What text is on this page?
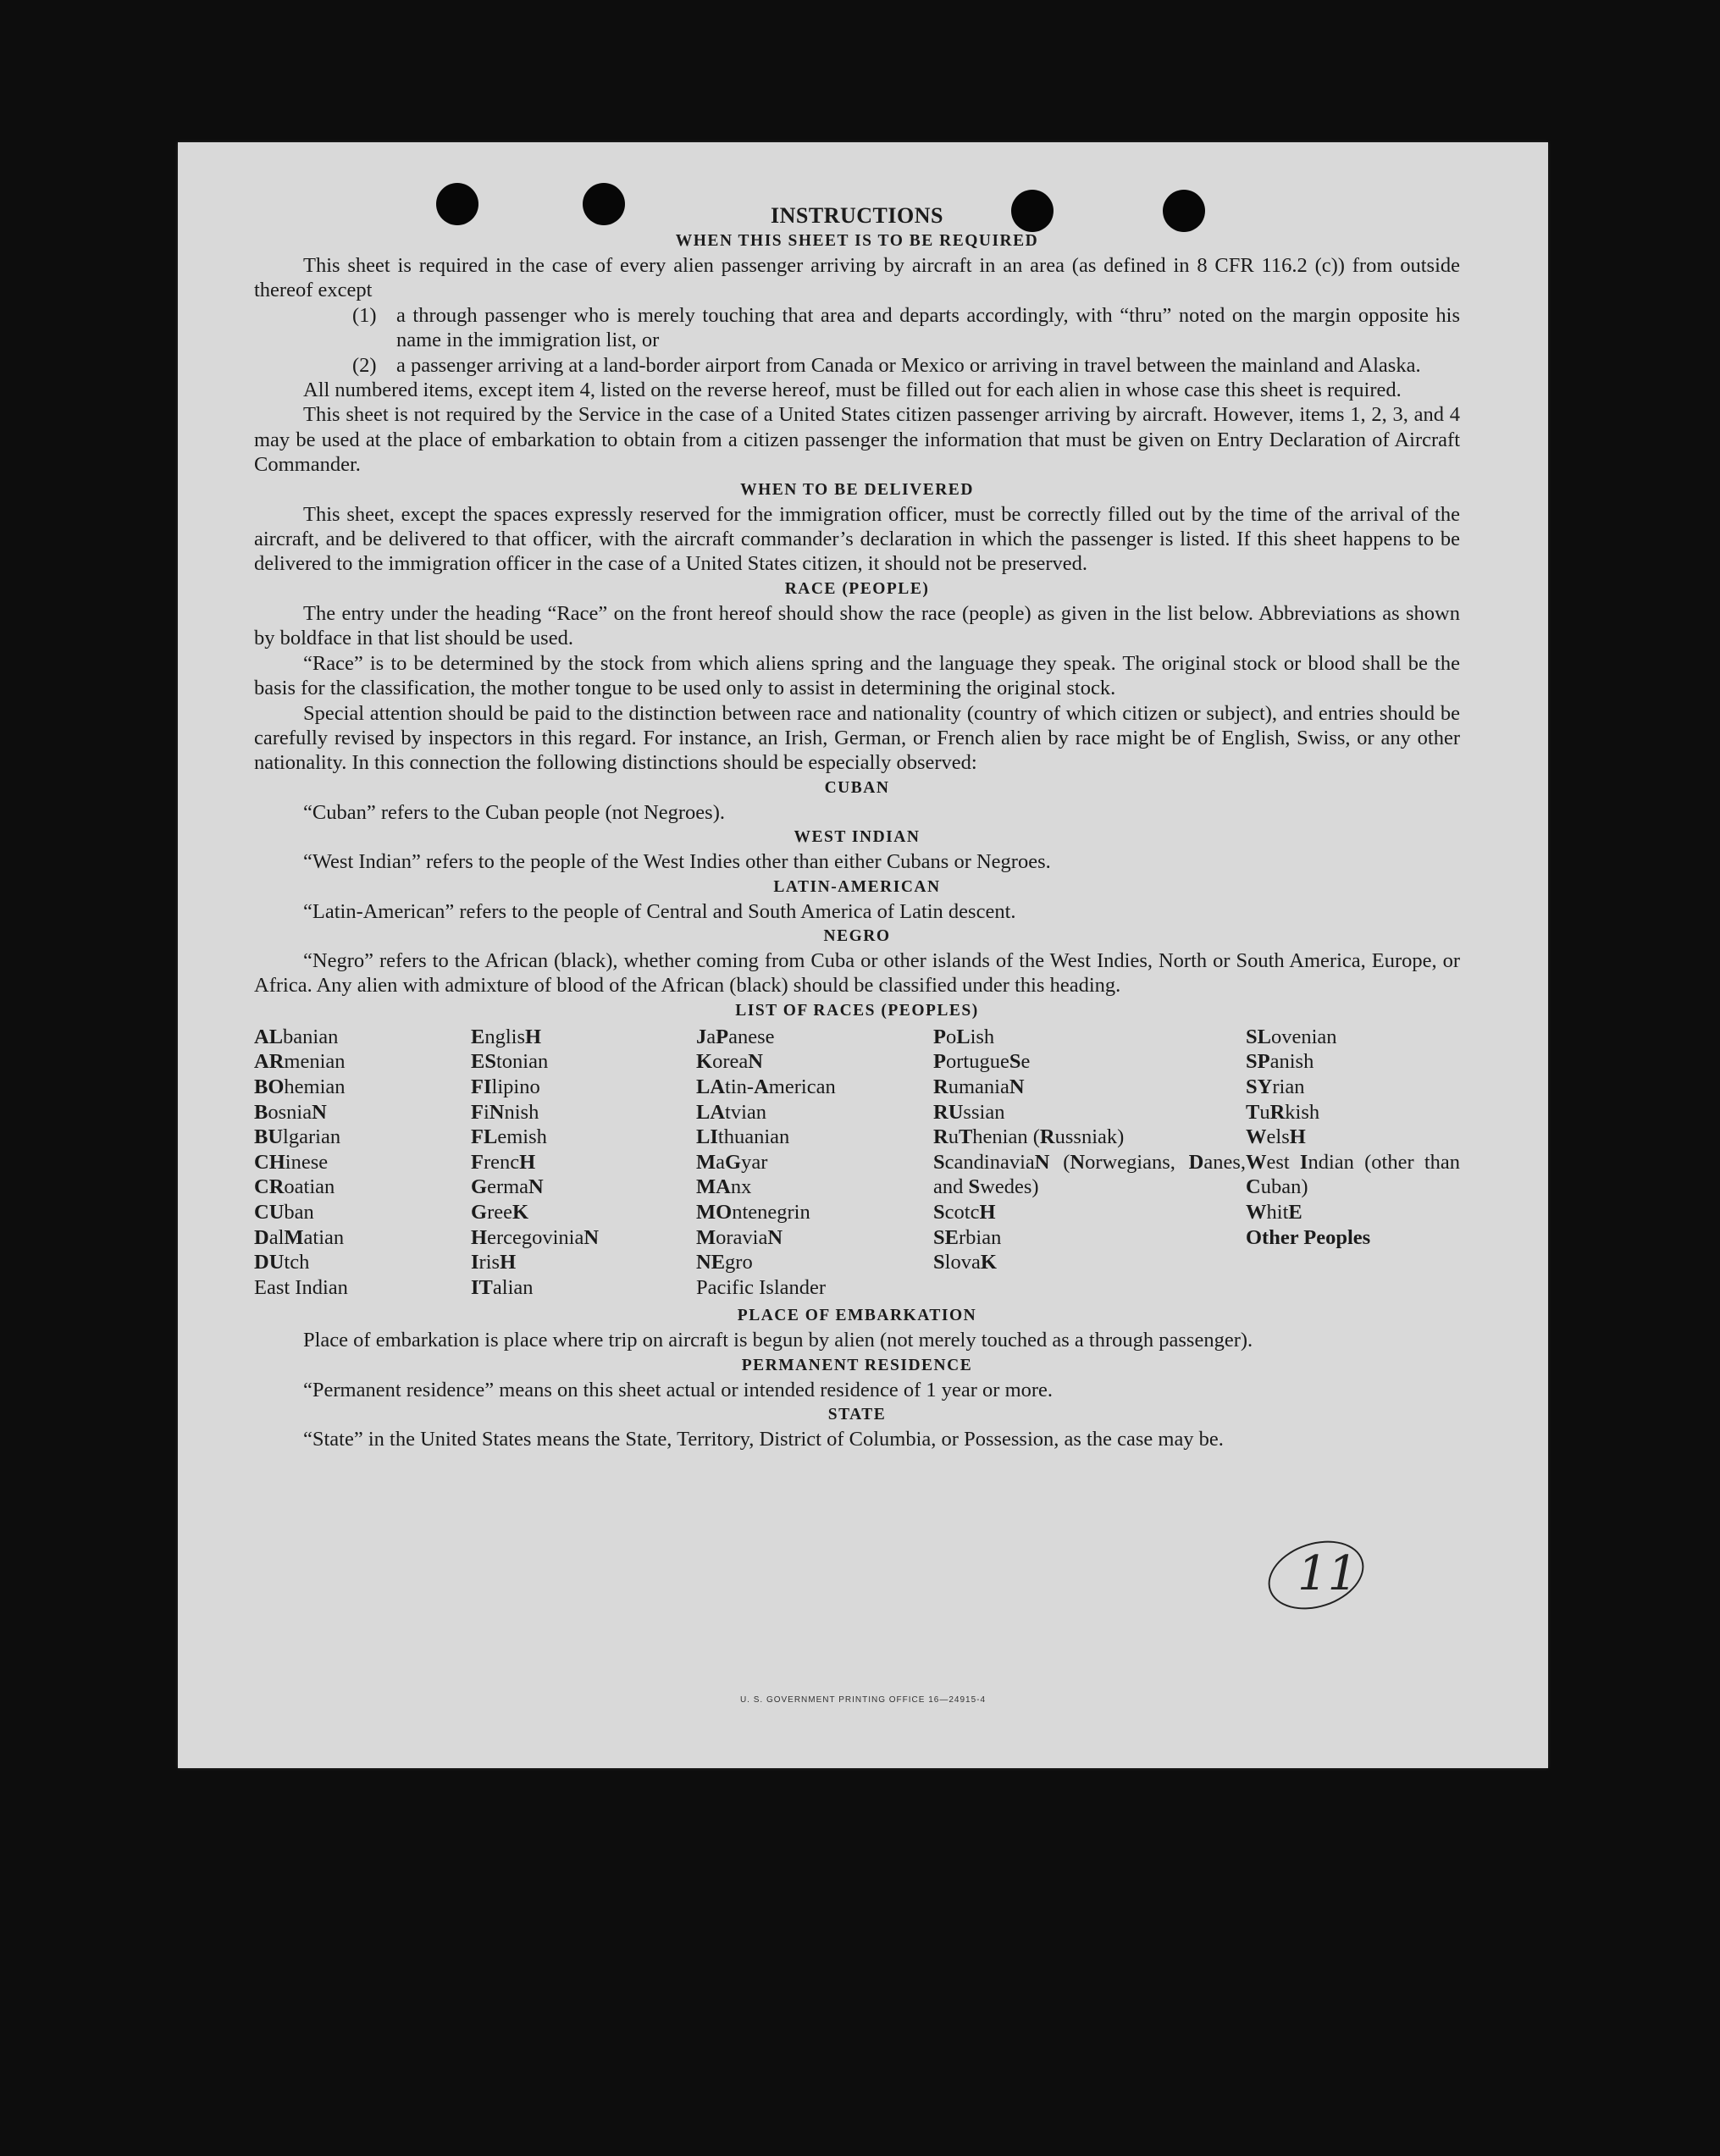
INSTRUCTIONS
WHEN THIS SHEET IS TO BE REQUIRED

This sheet is required in the case of every alien passenger arriving by aircraft in an area (as defined in 8 CFR 116.2 (c)) from outside thereof except

(1) a through passenger who is merely touching that area and departs accordingly, with “thru” noted on the margin opposite his name in the immigration list, or
(2) a passenger arriving at a land-border airport from Canada or Mexico or arriving in travel between the mainland and Alaska.

All numbered items, except item 4, listed on the reverse hereof, must be filled out for each alien in whose case this sheet is required.

This sheet is not required by the Service in the case of a United States citizen passenger arriving by aircraft. However, items 1, 2, 3, and 4 may be used at the place of embarkation to obtain from a citizen passenger the information that must be given on Entry Declaration of Aircraft Commander.

WHEN TO BE DELIVERED

This sheet, except the spaces expressly reserved for the immigration officer, must be correctly filled out by the time of the arrival of the aircraft, and be delivered to that officer, with the aircraft commander’s declaration in which the passenger is listed. If this sheet happens to be delivered to the immigration officer in the case of a United States citizen, it should not be preserved.

RACE (PEOPLE)

The entry under the heading “Race” on the front hereof should show the race (people) as given in the list below. Abbreviations as shown by boldface in that list should be used.

“Race” is to be determined by the stock from which aliens spring and the language they speak. The original stock or blood shall be the basis for the classification, the mother tongue to be used only to assist in determining the original stock.

Special attention should be paid to the distinction between race and nationality (country of which citizen or subject), and entries should be carefully revised by inspectors in this regard. For instance, an Irish, German, or French alien by race might be of English, Swiss, or any other nationality. In this connection the following distinctions should be especially observed:

CUBAN

“Cuban” refers to the Cuban people (not Negroes).

WEST INDIAN

“West Indian” refers to the people of the West Indies other than either Cubans or Negroes.

LATIN-AMERICAN

“Latin-American” refers to the people of Central and South America of Latin descent.

NEGRO

“Negro” refers to the African (black), whether coming from Cuba or other islands of the West Indies, North or South America, Europe, or Africa. Any alien with admixture of blood of the African (black) should be classified under this heading.

LIST OF RACES (PEOPLES)
ALbanian
ARmenian
BOhemian
BosniaN
BUlgarian
CHinese
CRoatian
CUban
DalMatian
DUtch
East Indian
EnglisH
EStonian
FIlipino
FiNnish
FLemish
FrencH
GermaN
GreeK
HercegoviniaN
IrisH
ITalian
JaPanese
KoreaN
LAtin-American
LAtvian
LIthuanian
MaGyar
MAnx
MOntenegrin
MoraviaN
NEgro
Pacific Islander
PoLish
PortugueSe
RumaniaN
RUssian
RuThenian (Russniak)
ScandinaviaN (Norwegians, Danes, and Swedes)
ScotcH
SErbian
SlovaK
SLovenian
SPanish
SYrian
TuRkish
WelsH
West Indian (other than Cuban)
WhitE
Other Peoples
PLACE OF EMBARKATION

Place of embarkation is place where trip on aircraft is begun by alien (not merely touched as a through passenger).

PERMANENT RESIDENCE

“Permanent residence” means on this sheet actual or intended residence of 1 year or more.

STATE

“State” in the United States means the State, Territory, District of Columbia, or Possession, as the case may be.

U. S. GOVERNMENT PRINTING OFFICE 16—24915-4
11
